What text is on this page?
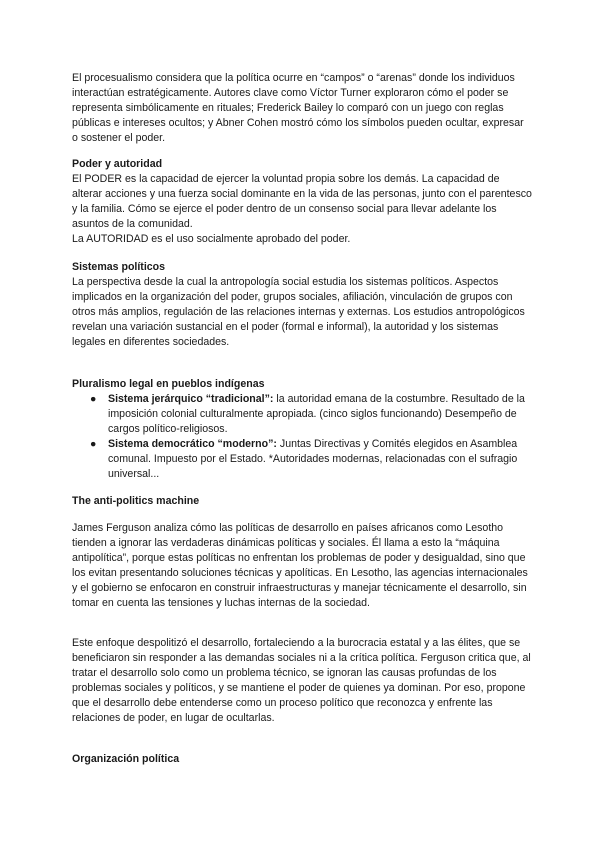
El procesualismo considera que la política ocurre en “campos” o “arenas” donde los individuos interactúan estratégicamente. Autores clave como Víctor Turner exploraron cómo el poder se representa simbólicamente en rituales; Frederick Bailey lo comparó con un juego con reglas públicas e intereses ocultos; y Abner Cohen mostró cómo los símbolos pueden ocultar, expresar o sostener el poder.

Poder y autoridad

El PODER es la capacidad de ejercer la voluntad propia sobre los demás. La capacidad de alterar acciones y una fuerza social dominante en la vida de las personas, junto con el parentesco y la familia. Cómo se ejerce el poder dentro de un consenso social para llevar adelante los asuntos de la comunidad.

La AUTORIDAD es el uso socialmente aprobado del poder.

Sistemas políticos

La perspectiva desde la cual la antropología social estudia los sistemas políticos. Aspectos implicados en la organización del poder, grupos sociales, afiliación, vinculación de grupos con otros más amplios, regulación de las relaciones internas y externas. Los estudios antropológicos revelan una variación sustancial en el poder (formal e informal), la autoridad y los sistemas legales en diferentes sociedades.

Pluralismo legal en pueblos indígenas
● Sistema jerárquico “tradicional”: la autoridad emana de la costumbre. Resultado de la imposición colonial culturalmente apropiada. (cinco siglos funcionando) Desempeño de cargos político-religiosos.
● Sistema democrático “moderno”: Juntas Directivas y Comités elegidos en Asamblea comunal. Impuesto por el Estado. *Autoridades modernas, relacionadas con el sufragio universal...
The anti-politics machine

James Ferguson analiza cómo las políticas de desarrollo en países africanos como Lesotho tienden a ignorar las verdaderas dinámicas políticas y sociales. Él llama a esto la “máquina antipolítica”, porque estas políticas no enfrentan los problemas de poder y desigualdad, sino que los evitan presentando soluciones técnicas y apolíticas. En Lesotho, las agencias internacionales y el gobierno se enfocaron en construir infraestructuras y manejar técnicamente el desarrollo, sin tomar en cuenta las tensiones y luchas internas de la sociedad.

Este enfoque despolitizó el desarrollo, fortaleciendo a la burocracia estatal y a las élites, que se beneficiaron sin responder a las demandas sociales ni a la crítica política. Ferguson critica que, al tratar el desarrollo solo como un problema técnico, se ignoran las causas profundas de los problemas sociales y políticos, y se mantiene el poder de quienes ya dominan. Por eso, propone que el desarrollo debe entenderse como un proceso político que reconozca y enfrente las relaciones de poder, en lugar de ocultarlas.

Organización política
